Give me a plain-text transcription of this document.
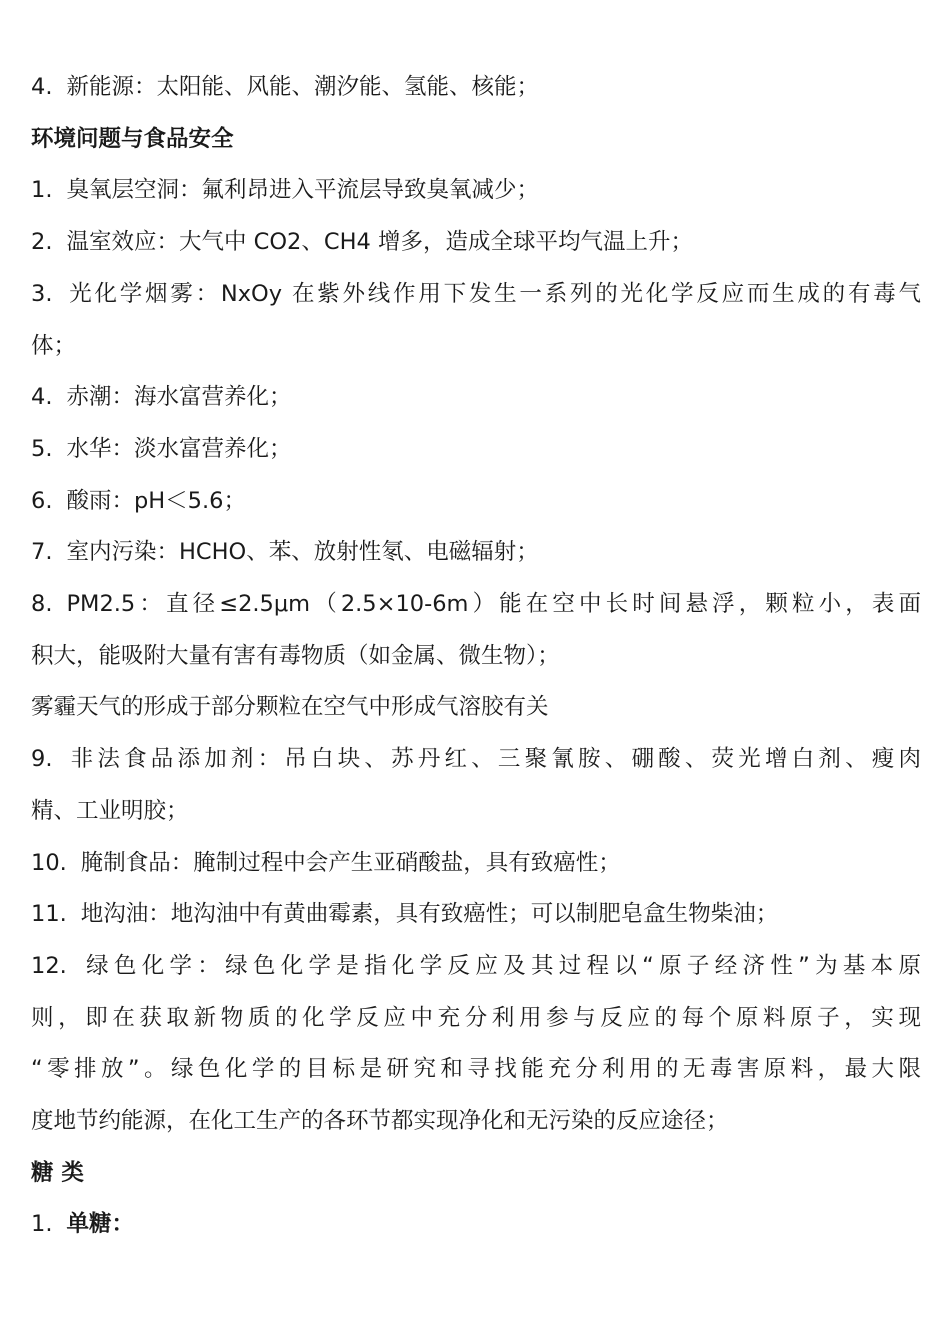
4. 新能源：太阳能、风能、潮汐能、氢能、核能；
环境问题与食品安全
1. 臭氧层空洞：氟利昂进入平流层导致臭氧减少；
2. 温室效应：大气中 CO2、CH4 增多，造成全球平均气温上升；
3. 光化学烟雾：NxOy 在紫外线作用下发生一系列的光化学反应而生成的有毒气
体；
4. 赤潮：海水富营养化；
5. 水华：淡水富营养化；
6. 酸雨：pH＜5.6；
7. 室内污染：HCHO、苯、放射性氡、电磁辐射；
8. PM2.5：直径≤2.5μm（2.5×10-6m）能在空中长时间悬浮，颗粒小，表面
积大，能吸附大量有害有毒物质（如金属、微生物）；
雾霾天气的形成于部分颗粒在空气中形成气溶胶有关
9. 非法食品添加剂：吊白块、苏丹红、三聚氰胺、硼酸、荧光增白剂、瘦肉
精、工业明胶；
10. 腌制食品：腌制过程中会产生亚硝酸盐，具有致癌性；
11. 地沟油：地沟油中有黄曲霉素，具有致癌性；可以制肥皂盒生物柴油；
12. 绿色化学：绿色化学是指化学反应及其过程以“原子经济性”为基本原
则，即在获取新物质的化学反应中充分利用参与反应的每个原料原子，实现
“零排放”。绿色化学的目标是研究和寻找能充分利用的无毒害原料，最大限
度地节约能源，在化工生产的各环节都实现净化和无污染的反应途径；
糖 类
1. 单糖：
